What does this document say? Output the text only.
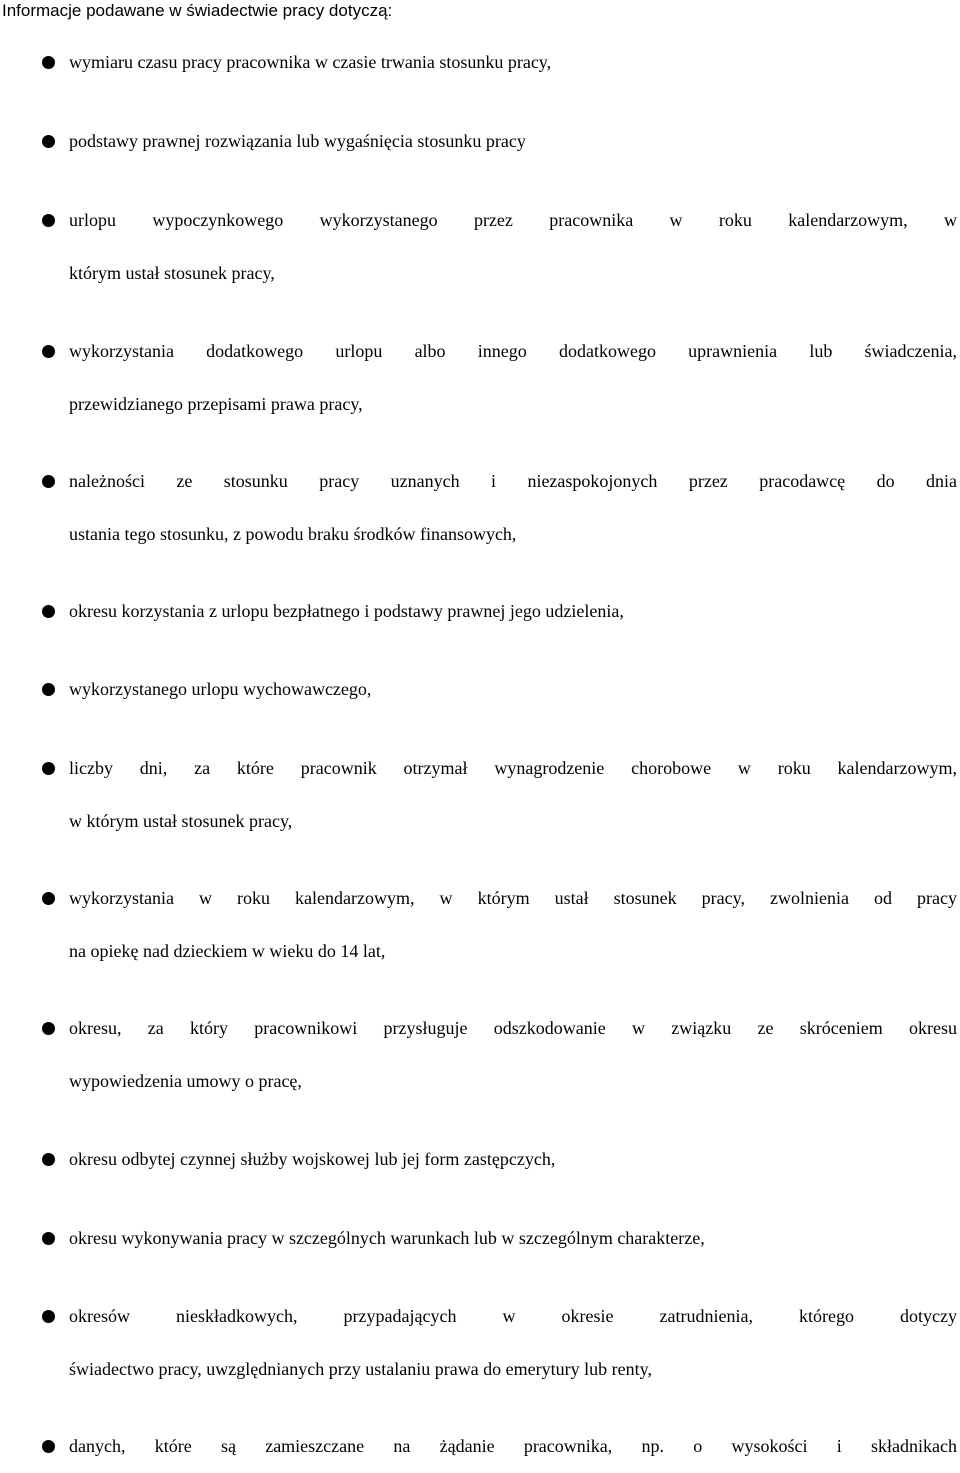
Informacje podawane w świadectwie pracy dotyczą:

wymiaru czasu pracy pracownika w czasie trwania stosunku pracy,

podstawy prawnej rozwiązania lub wygaśnięcia stosunku pracy

urlopu wypoczynkowego wykorzystanego przez pracownika w roku kalendarzowym, w
którym ustał stosunek pracy,

wykorzystania dodatkowego urlopu albo innego dodatkowego uprawnienia lub świadczenia,
przewidzianego przepisami prawa pracy,

należności ze stosunku pracy uznanych i niezaspokojonych przez pracodawcę do dnia
ustania tego stosunku, z powodu braku środków finansowych,

okresu korzystania z urlopu bezpłatnego i podstawy prawnej jego udzielenia,

wykorzystanego urlopu wychowawczego,

liczby dni, za które pracownik otrzymał wynagrodzenie chorobowe w roku kalendarzowym,
w którym ustał stosunek pracy,

wykorzystania w roku kalendarzowym, w którym ustał stosunek pracy, zwolnienia od pracy
na opiekę nad dzieckiem w wieku do 14 lat,

okresu, za który pracownikowi przysługuje odszkodowanie w związku ze skróceniem okresu
wypowiedzenia umowy o pracę,

okresu odbytej czynnej służby wojskowej lub jej form zastępczych,

okresu wykonywania pracy w szczególnych warunkach lub w szczególnym charakterze,

okresów nieskładkowych, przypadających w okresie zatrudnienia, którego dotyczy
świadectwo pracy, uwzględnianych przy ustalaniu prawa do emerytury lub renty,

danych, które są zamieszczane na żądanie pracownika, np. o wysokości i składnikach
